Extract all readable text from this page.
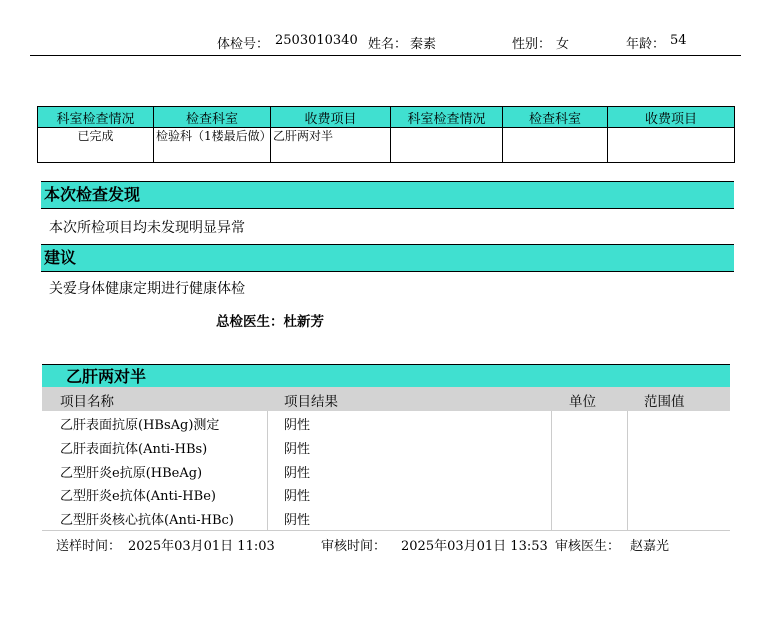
体检号： 2503010340 姓名： 秦素	性别： 女	年龄： 54
科室检查情况	检查科室	收费项目	科室检查情况	检查科室	收费项目
已完成	检验科（1楼最后做）	乙肝两对半			
本次检查发现
本次所检项目均未发现明显异常
建议
关爱身体健康定期进行健康体检
总检医生：杜新芳
乙肝两对半
项目名称	项目结果	单位	范围值
乙肝表面抗原(HBsAg)测定	阴性
乙肝表面抗体(Anti-HBs)	阴性
乙型肝炎e抗原(HBeAg)	阴性
乙型肝炎e抗体(Anti-HBe)	阴性
乙型肝炎核心抗体(Anti-HBc)	阴性
送样时间： 2025年03月01日 11:03	审核时间： 2025年03月01日 13:53 审核医生： 赵嘉光
